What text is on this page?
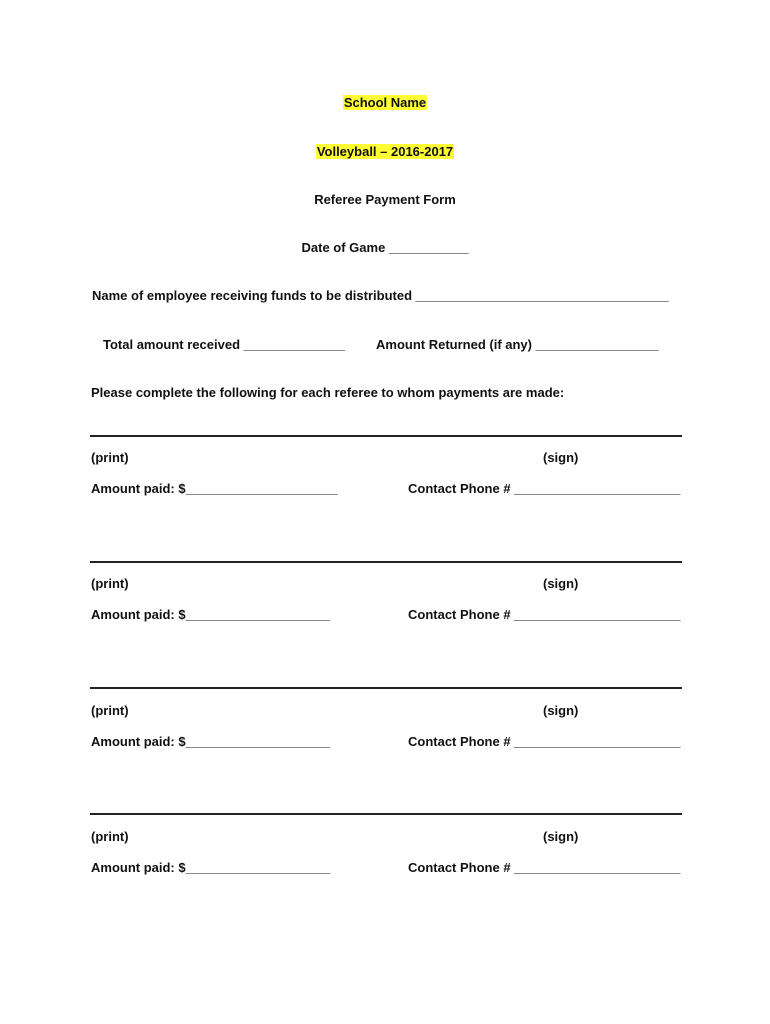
School Name
Volleyball – 2016-2017
Referee Payment Form
Date of Game ___________
Name of employee receiving funds to be distributed ___________________________________
Total amount received ______________ Amount Returned (if any) _________________
Please complete the following for each referee to whom payments are made:
(print)	(sign)
Amount paid: $_____________________	Contact Phone # _______________________
(print)	(sign)
Amount paid: $____________________	Contact Phone # _______________________
(print)	(sign)
Amount paid: $____________________	Contact Phone # _______________________
(print)	(sign)
Amount paid: $____________________	Contact Phone # _______________________
